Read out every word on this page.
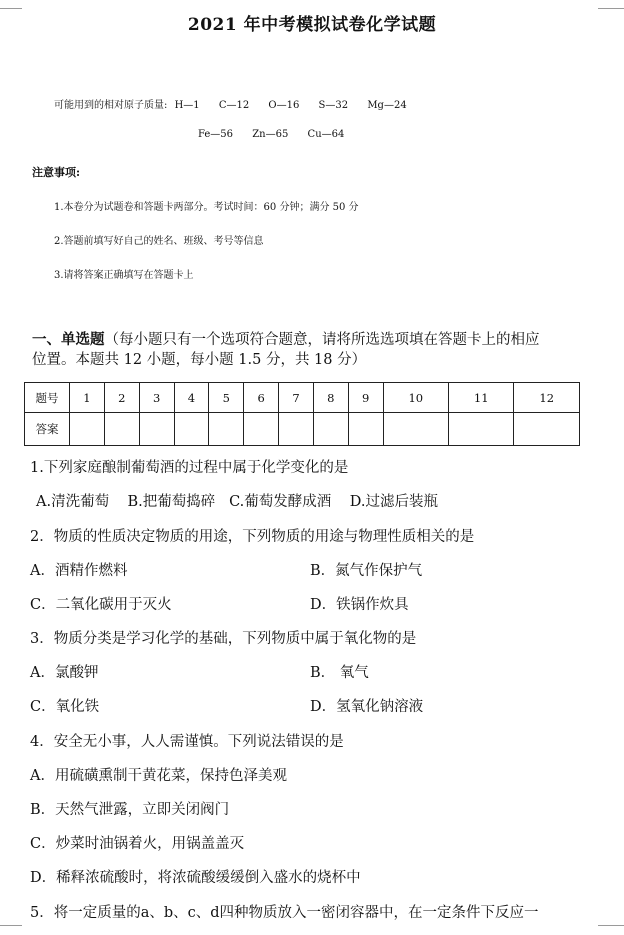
2021 年中考模拟试卷化学试题
可能用到的相对原子质量: H—1 C—12 O—16 S—32 Mg—24
Fe—56 Zn—65 Cu—64
注意事项:
1.本卷分为试题卷和答题卡两部分。考试时间：60 分钟；满分 50 分
2.答题前填写好自己的姓名、班级、考号等信息
3.请将答案正确填写在答题卡上
一、单选题（每小题只有一个选项符合题意，请将所选选项填在答题卡上的相应
位置。本题共 12 小题，每小题 1.5 分，共 18 分）
题号	1	2	3	4	5	6	7	8	9	10	11	12
答案												
1.下列家庭酿制葡萄酒的过程中属于化学变化的是
A.清洗葡萄    B.把葡萄捣碎   C.葡萄发酵成酒    D.过滤后装瓶
2．物质的性质决定物质的用途，下列物质的用途与物理性质相关的是
A．酒精作燃料	B．氮气作保护气
C．二氧化碳用于灭火	D．铁锅作炊具
3．物质分类是学习化学的基础，下列物质中属于氧化物的是
A．氯酸钾	B． 氧气
C．氧化铁	D．氢氧化钠溶液
4．安全无小事，人人需谨慎。下列说法错误的是
A．用硫磺熏制干黄花菜，保持色泽美观
B．天然气泄露，立即关闭阀门
C．炒菜时油锅着火，用锅盖盖灭
D．稀释浓硫酸时，将浓硫酸缓缓倒入盛水的烧杯中
5．将一定质量的a、b、c、d四种物质放入一密闭容器中，在一定条件下反应一
